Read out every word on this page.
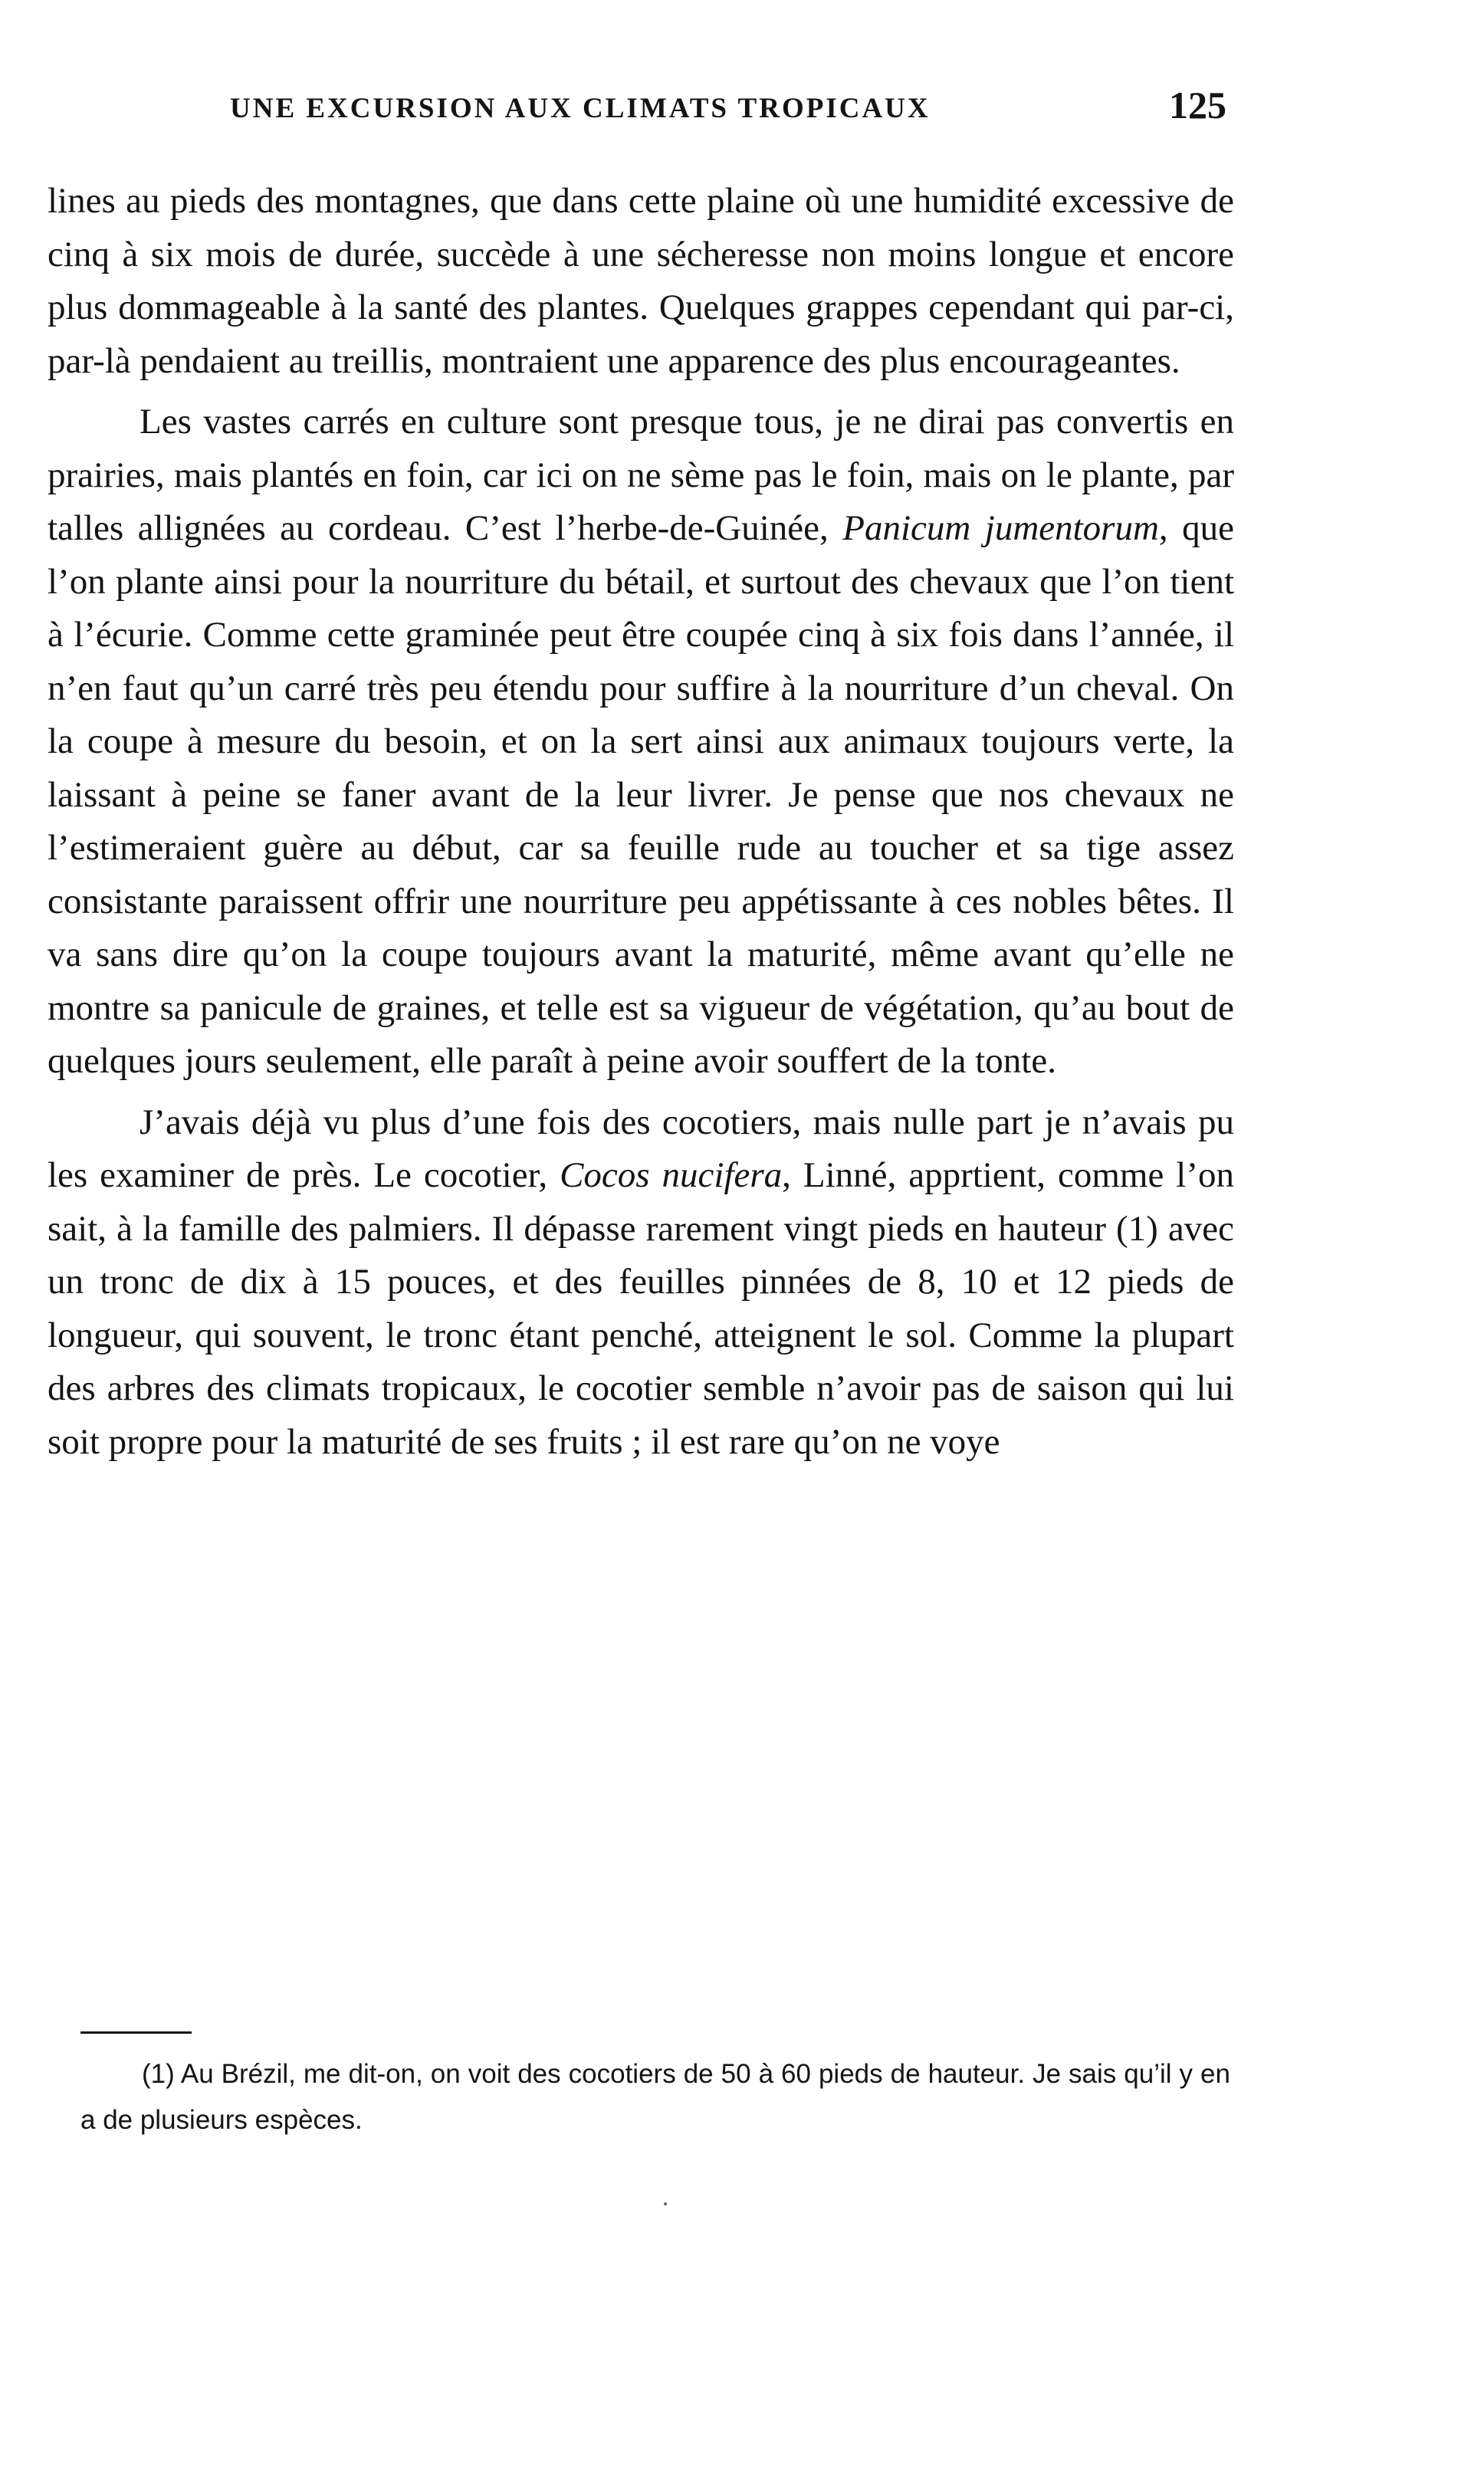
UNE EXCURSION AUX CLIMATS TROPICAUX	125

lines au pieds des montagnes, que dans cette plaine où une humidité excessive de cinq à six mois de durée, succède à une sécheresse non moins longue et encore plus dommageable à la santé des plantes. Quelques grappes cependant qui par-ci, par-là pendaient au treillis, montraient une apparence des plus encourageantes.

Les vastes carrés en culture sont presque tous, je ne dirai pas convertis en prairies, mais plantés en foin, car ici on ne sème pas le foin, mais on le plante, par talles allignées au cordeau. C’est l’herbe-de-Guinée, Panicum jumentorum, que l’on plante ainsi pour la nourriture du bétail, et surtout des chevaux que l’on tient à l’écurie. Comme cette graminée peut être coupée cinq à six fois dans l’année, il n’en faut qu’un carré très peu étendu pour suffire à la nourriture d’un cheval. On la coupe à mesure du besoin, et on la sert ainsi aux animaux toujours verte, la laissant à peine se faner avant de la leur livrer. Je pense que nos chevaux ne l’estimeraient guère au début, car sa feuille rude au toucher et sa tige assez consistante paraissent offrir une nourriture peu appétissante à ces nobles bêtes. Il va sans dire qu’on la coupe toujours avant la maturité, même avant qu’elle ne montre sa panicule de graines, et telle est sa vigueur de végétation, qu’au bout de quelques jours seulement, elle paraît à peine avoir souffert de la tonte.

J’avais déjà vu plus d’une fois des cocotiers, mais nulle part je n’avais pu les examiner de près. Le cocotier, Cocos nucifera, Linné, apprtient, comme l’on sait, à la famille des palmiers. Il dépasse rarement vingt pieds en hauteur (1) avec un tronc de dix à 15 pouces, et des feuilles pinnées de 8, 10 et 12 pieds de longueur, qui souvent, le tronc étant penché, atteignent le sol. Comme la plupart des arbres des climats tropicaux, le cocotier semble n’avoir pas de saison qui lui soit propre pour la maturité de ses fruits ; il est rare qu’on ne voye

(1) Au Brézil, me dit-on, on voit des cocotiers de 50 à 60 pieds de hauteur. Je sais qu’il y en a de plusieurs espèces.
